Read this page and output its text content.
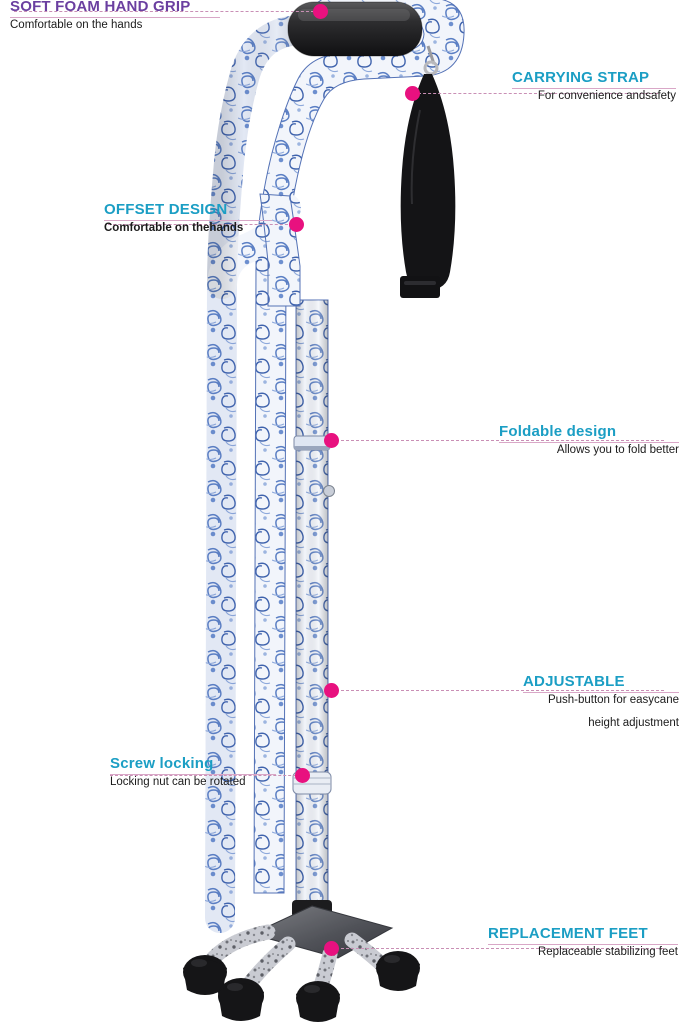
SOFT FOAM HAND GRIP
Comfortable on the hands
CARRYING STRAP
For convenience andsafety
OFFSET DESIGN
Comfortable on thehands
Foldable design
Allows you to fold better
ADJUSTABLE
Push-button for easycane
height adjustment
Screw locking
Locking nut can be rotated
REPLACEMENT FEET
Replaceable stabilizing feet
